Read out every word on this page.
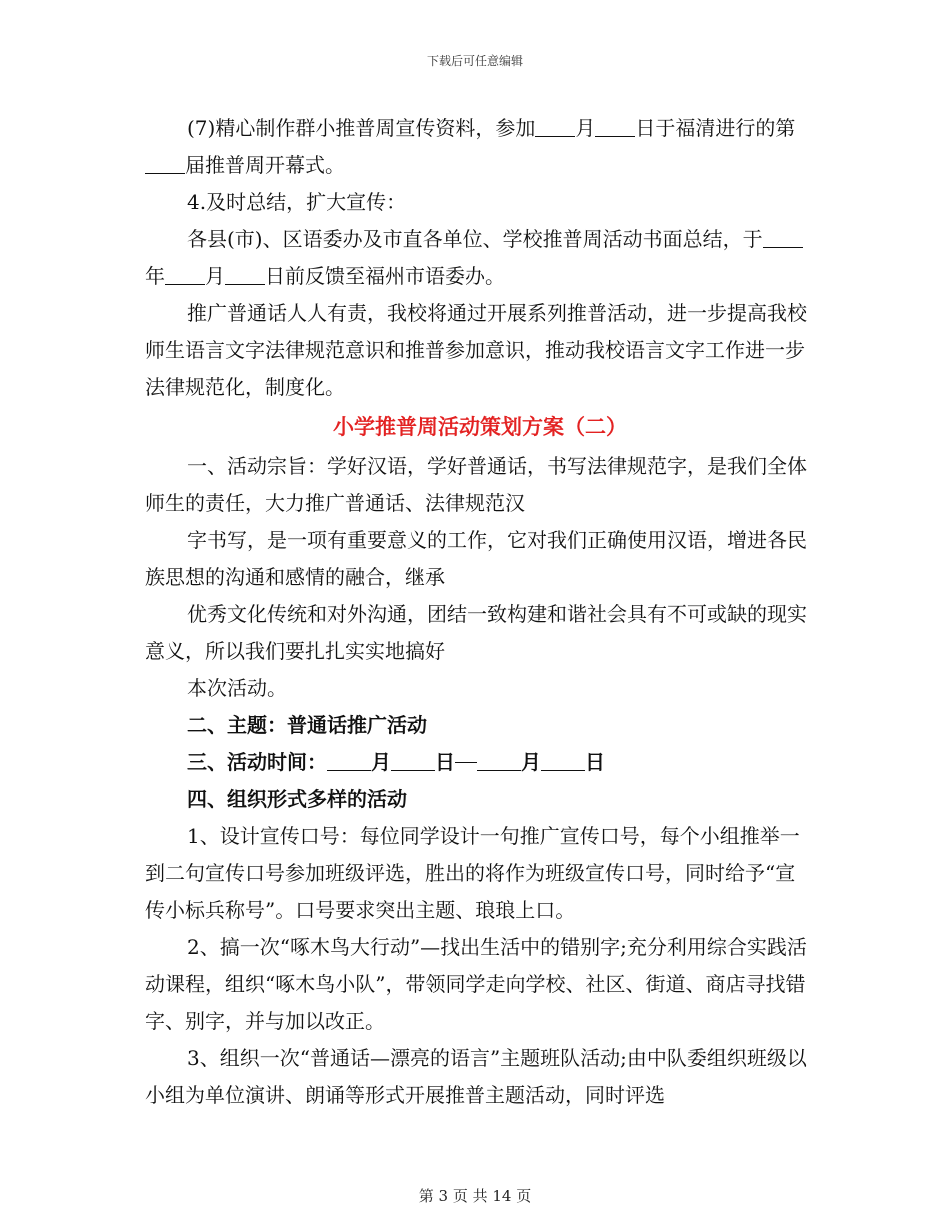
下载后可任意编辑

(7)精心制作群小推普周宣传资料，参加 月 日于福清进行的第届推普周开幕式。

4.及时总结，扩大宣传：

各县(市)、区语委办及市直各单位、学校推普周活动书面总结，于年 月 日前反馈至福州市语委办。

推广普通话人人有责，我校将通过开展系列推普活动，进一步提高我校师生语言文字法律规范意识和推普参加意识，推动我校语言文字工作进一步法律规范化，制度化。

小学推普周活动策划方案（二）

一、活动宗旨：学好汉语，学好普通话，书写法律规范字，是我们全体师生的责任，大力推广普通话、法律规范汉

字书写，是一项有重要意义的工作，它对我们正确使用汉语，增进各民族思想的沟通和感情的融合，继承

优秀文化传统和对外沟通，团结一致构建和谐社会具有不可或缺的现实意义，所以我们要扎扎实实地搞好

本次活动。

二、主题：普通话推广活动

三、活动时间： 月 日	月 日

四、组织形式多样的活动

1、设计宣传口号：每位同学设计一句推广宣传口号，每个小组推举一到二句宣传口号参加班级评选，胜出的将作为班级宣传口号，同时给予“宣传小标兵称号”。口号要求突出主题、琅琅上口。

2、搞一次“啄木鸟大行动”—找出生活中的错别字;充分利用综合实践活动课程，组织“啄木鸟小队”，带领同学走向学校、社区、街道、商店寻找错字、别字，并与加以改正。

3、组织一次“普通话—漂亮的语言”主题班队活动;由中队委组织班级以小组为单位演讲、朗诵等形式开展推普主题活动，同时评选

第 3 页 共 14 页
